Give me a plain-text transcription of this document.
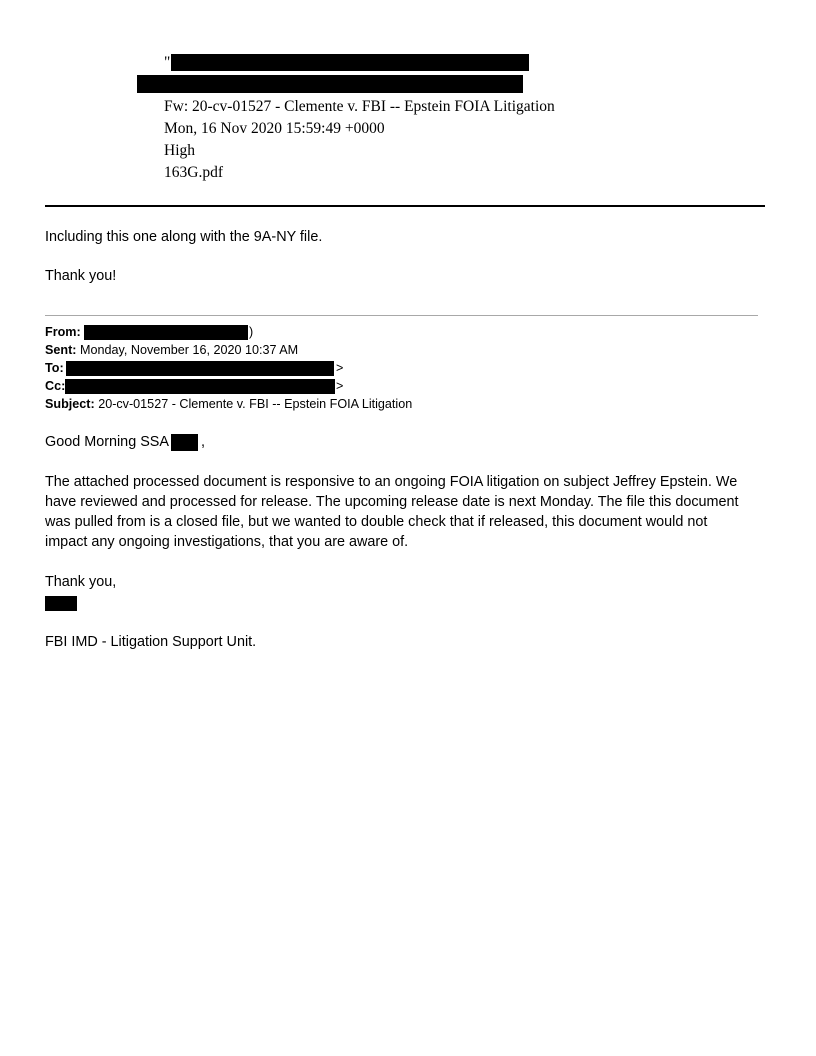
"
Fw: 20-cv-01527 - Clemente v. FBI -- Epstein FOIA Litigation
Mon, 16 Nov 2020 15:59:49 +0000
High
163G.pdf
Including this one along with the 9A-NY file.
Thank you!
From:	)
Sent: Monday, November 16, 2020 10:37 AM
To:	>
Cc:	>
Subject: 20-cv-01527 - Clemente v. FBI -- Epstein FOIA Litigation
Good Morning SSA ,
The attached processed document is responsive to an ongoing FOIA litigation on subject Jeffrey Epstein. We
have reviewed and processed for release. The upcoming release date is next Monday. The file this document
was pulled from is a closed file, but we wanted to double check that if released, this document would not
impact any ongoing investigations, that you are aware of.
Thank you,
FBI IMD - Litigation Support Unit.
